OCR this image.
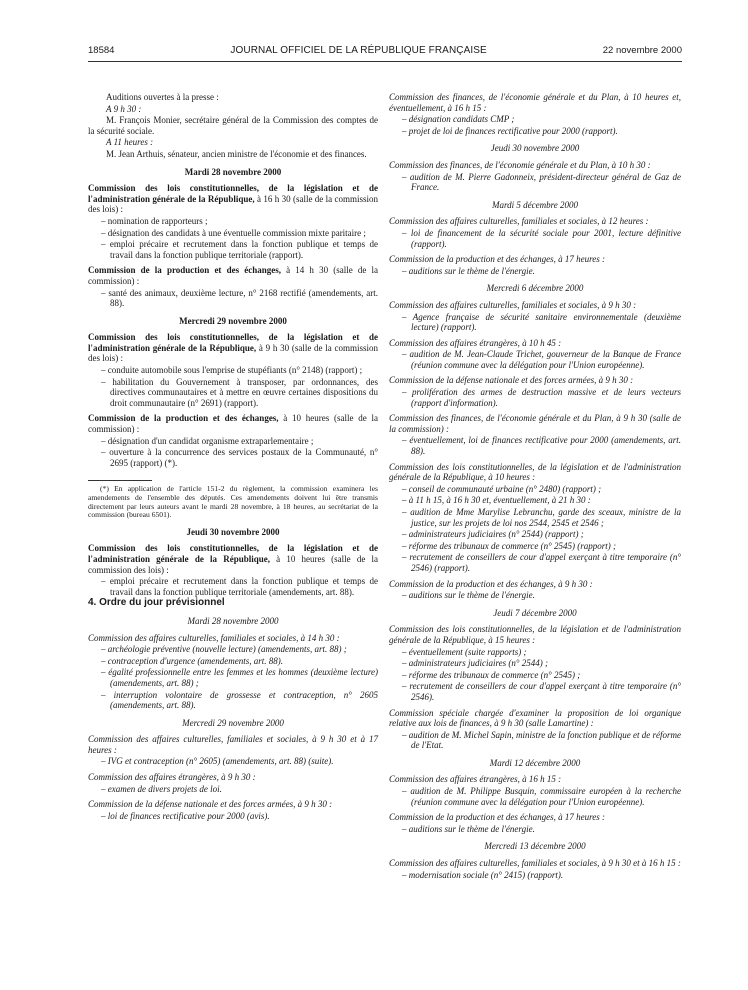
18584	JOURNAL OFFICIEL DE LA RÉPUBLIQUE FRANÇAISE	22 novembre 2000

Auditions ouvertes à la presse :

A 9 h 30 :

M. François Monier, secrétaire général de la Commission des comptes de la sécurité sociale.

A 11 heures :

M. Jean Arthuis, sénateur, ancien ministre de l'économie et des finances.

Mardi 28 novembre 2000

Commission des lois constitutionnelles, de la législation et de l'administration générale de la République, à 16 h 30 (salle de la commission des lois) :

– nomination de rapporteurs ;

– désignation des candidats à une éventuelle commission mixte paritaire ;

– emploi précaire et recrutement dans la fonction publique et temps de travail dans la fonction publique territoriale (rapport).

Commission de la production et des échanges, à 14 h 30 (salle de la commission) :

– santé des animaux, deuxième lecture, n° 2168 rectifié (amendements, art. 88).

Mercredi 29 novembre 2000

Commission des lois constitutionnelles, de la législation et de l'administration générale de la République, à 9 h 30 (salle de la commission des lois) :

– conduite automobile sous l'emprise de stupéfiants (n° 2148) (rapport) ;

– habilitation du Gouvernement à transposer, par ordonnances, des directives communautaires et à mettre en œuvre certaines dispositions du droit communautaire (n° 2691) (rapport).

Commission de la production et des échanges, à 10 heures (salle de la commission) :

– désignation d'un candidat organisme extraparlementaire ;

– ouverture à la concurrence des services postaux de la Communauté, n° 2695 (rapport) (*).

(*) En application de l'article 151-2 du règlement, la commission examinera les amendements de l'ensemble des députés. Ces amendements doivent lui être transmis directement par leurs auteurs avant le mardi 28 novembre, à 18 heures, au secrétariat de la commission (bureau 6501).

Jeudi 30 novembre 2000

Commission des lois constitutionnelles, de la législation et de l'administration générale de la République, à 10 heures (salle de la commission des lois) :

– emploi précaire et recrutement dans la fonction publique et temps de travail dans la fonction publique territoriale (amendements, art. 88).

4. Ordre du jour prévisionnel

Mardi 28 novembre 2000

Commission des affaires culturelles, familiales et sociales, à 14 h 30 :

– archéologie préventive (nouvelle lecture) (amendements, art. 88) ;

– contraception d'urgence (amendements, art. 88).

– égalité professionnelle entre les femmes et les hommes (deuxième lecture) (amendements, art. 88) ;

– interruption volontaire de grossesse et contraception, n° 2605 (amendements, art. 88).

Mercredi 29 novembre 2000

Commission des affaires culturelles, familiales et sociales, à 9 h 30 et à 17 heures :

– IVG et contraception (n° 2605) (amendements, art. 88) (suite).

Commission des affaires étrangères, à 9 h 30 :

– examen de divers projets de loi.

Commission de la défense nationale et des forces armées, à 9 h 30 :

– loi de finances rectificative pour 2000 (avis).

Commission des finances, de l'économie générale et du Plan, à 10 heures et, éventuellement, à 16 h 15 :

– désignation candidats CMP ;

– projet de loi de finances rectificative pour 2000 (rapport).

Jeudi 30 novembre 2000

Commission des finances, de l'économie générale et du Plan, à 10 h 30 :

– audition de M. Pierre Gadonneix, président-directeur général de Gaz de France.

Mardi 5 décembre 2000

Commission des affaires culturelles, familiales et sociales, à 12 heures :

– loi de financement de la sécurité sociale pour 2001, lecture définitive (rapport).

Commission de la production et des échanges, à 17 heures :

– auditions sur le thème de l'énergie.

Mercredi 6 décembre 2000

Commission des affaires culturelles, familiales et sociales, à 9 h 30 :

– Agence française de sécurité sanitaire environnementale (deuxième lecture) (rapport).

Commission des affaires étrangères, à 10 h 45 :

– audition de M. Jean-Claude Trichet, gouverneur de la Banque de France (réunion commune avec la délégation pour l'Union européenne).

Commission de la défense nationale et des forces armées, à 9 h 30 :

– prolifération des armes de destruction massive et de leurs vecteurs (rapport d'information).

Commission des finances, de l'économie générale et du Plan, à 9 h 30 (salle de la commission) :

– éventuellement, loi de finances rectificative pour 2000 (amendements, art. 88).

Commission des lois constitutionnelles, de la législation et de l'administration générale de la République, à 10 heures :

– conseil de communauté urbaine (n° 2480) (rapport) ;

– à 11 h 15, à 16 h 30 et, éventuellement, à 21 h 30 :

– audition de Mme Marylise Lebranchu, garde des sceaux, ministre de la justice, sur les projets de loi nos 2544, 2545 et 2546 ;

– administrateurs judiciaires (n° 2544) (rapport) ;

– réforme des tribunaux de commerce (n° 2545) (rapport) ;

– recrutement de conseillers de cour d'appel exerçant à titre temporaire (n° 2546) (rapport).

Commission de la production et des échanges, à 9 h 30 :

– auditions sur le thème de l'énergie.

Jeudi 7 décembre 2000

Commission des lois constitutionnelles, de la législation et de l'administration générale de la République, à 15 heures :

– éventuellement (suite rapports) ;

– administrateurs judiciaires (n° 2544) ;

– réforme des tribunaux de commerce (n° 2545) ;

– recrutement de conseillers de cour d'appel exerçant à titre temporaire (n° 2546).

Commission spéciale chargée d'examiner la proposition de loi organique relative aux lois de finances, à 9 h 30 (salle Lamartine) :

– audition de M. Michel Sapin, ministre de la fonction publique et de réforme de l'Etat.

Mardi 12 décembre 2000

Commission des affaires étrangères, à 16 h 15 :

– audition de M. Philippe Busquin, commissaire européen à la recherche (réunion commune avec la délégation pour l'Union européenne).

Commission de la production et des échanges, à 17 heures :

– auditions sur le thème de l'énergie.

Mercredi 13 décembre 2000

Commission des affaires culturelles, familiales et sociales, à 9 h 30 et à 16 h 15 :

– modernisation sociale (n° 2415) (rapport).
